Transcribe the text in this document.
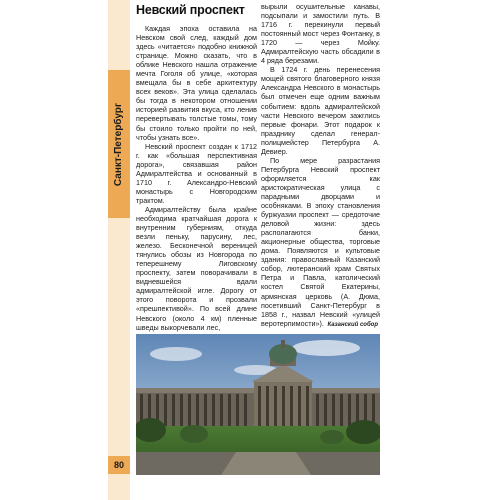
Санкт-Петербург
80
Невский проспект

Каждая эпоха оставила на Невском свой след, каждый дом здесь «читается» подобно книжной странице. Можно сказать, что в облике Невского нашла отражение мечта Гоголя об улице, «которая вмещала бы в себе архитектуру всех веков». Эта улица сделалась бы тогда в некотором отношении историей развития вкуса, кто ленив перевертывать толстые томы, тому бы стоило только пройти по ней, чтобы узнать все».

Невский проспект создан к 1712 г. как «большая перспективная дорога», связавшая район Адмиралтейства и основанный в 1710 г. Александро-Невский монастырь с Новгородским трактом.

Адмиралтейству была крайне необходима кратчайшая дорога к внутренним губерниям, откуда везли пеньку, парусину, лес, железо. Бесконечной вереницей тянулись обозы из Новгорода по теперешнему Лиговскому проспекту, затем поворачивали в видневшейся вдали адмиралтейской игле. Дорогу от этого поворота и прозвали «прешпективой». По всей длине Невского (около 4 км) пленные шведы выкорчевали лес,

вырыли осушительные канавы, подсыпали и замостили путь. В 1716 г. перекинули первый постоянный мост через Фонтанку, в 1720 — через Мойку. Адмиралтейскую часть обсадили в 4 ряда березами.

В 1724 г. день перенесения мощей святого благоверного князя Александра Невского в монастырь был отмечен еще одним важным событием: вдоль адмиралтейской части Невского вечером зажглись первые фонари. Этот подарок к празднику сделал генерал-полицмейстер Петербурга А. Девиер.

По мере разрастания Петербурга Невский проспект оформляется как аристократическая улица с парадными дворцами и особняками. В эпоху становления буржуазии проспект — средоточие деловой жизни: здесь располагаются банки, акционерные общества, торговые дома. Появляются и культовые здания: православный Казанский собор, лютеранский храм Святых Петра и Павла, католический костел Святой Екатерины, армянская церковь (А. Дюма, посетивший Санкт-Петербург в 1858 г., назвал Невский «улицей веротерпимости»). Казанский собор
